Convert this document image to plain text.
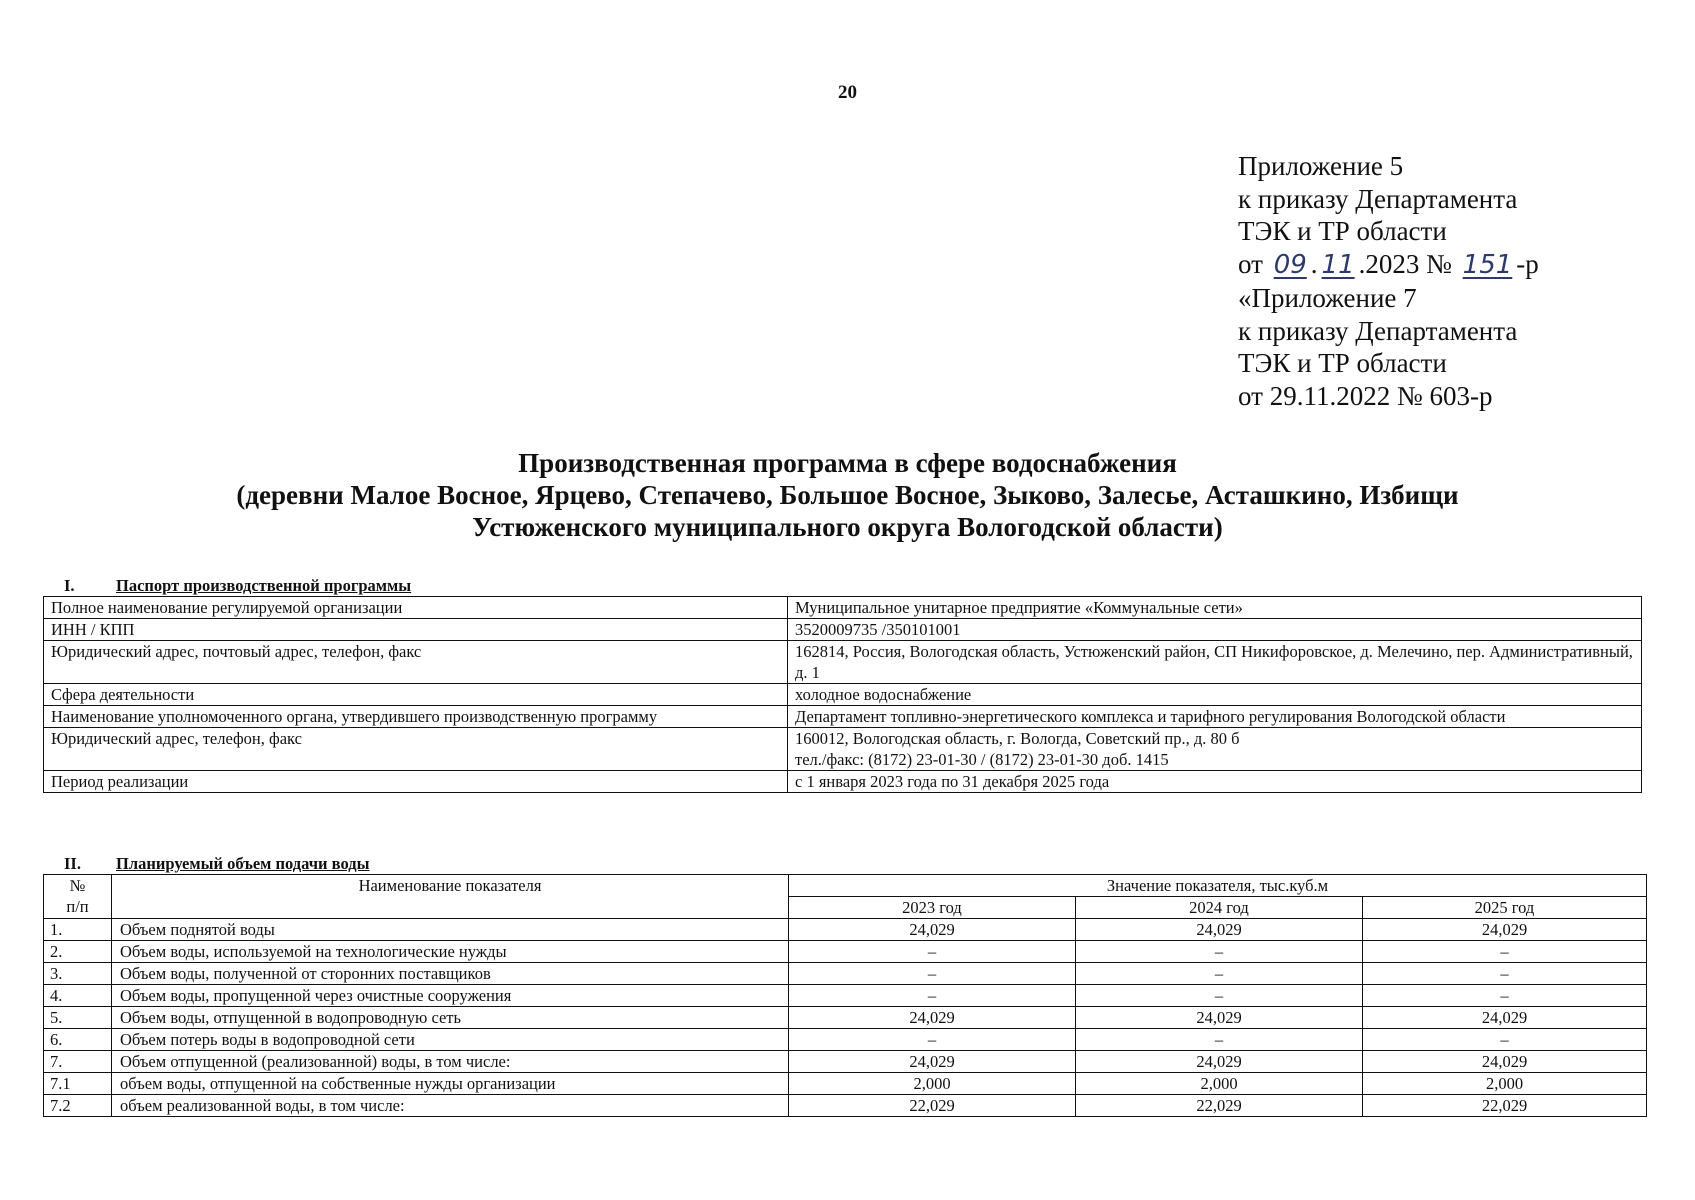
20
Приложение 5
к приказу Департамента
ТЭК и ТР области
от 09 . 11 .2023 № 151 -р
«Приложение 7
к приказу Департамента
ТЭК и ТР области
от 29.11.2022 № 603-р
Производственная программа в сфере водоснабжения
(деревни Малое Восное, Ярцево, Степачево, Большое Восное, Зыково, Залесье, Асташкино, Избищи
Устюженского муниципального округа Вологодской области)
I.	Паспорт производственной программы
Полное наименование регулируемой организации	Муниципальное унитарное предприятие «Коммунальные сети»
ИНН / КПП	3520009735 /350101001
Юридический адрес, почтовый адрес, телефон, факс	162814, Россия, Вологодская область, Устюженский район, СП Никифоровское, д. Мелечино, пер. Административный, д. 1
Сфера деятельности	холодное водоснабжение
Наименование уполномоченного органа, утвердившего производственную программу	Департамент топливно-энергетического комплекса и тарифного регулирования Вологодской области
Юридический адрес, телефон, факс	160012, Вологодская область, г. Вологда, Советский пр., д. 80 б
тел./факс: (8172) 23-01-30 / (8172) 23-01-30 доб. 1415

Период реализации	с 1 января 2023 года по 31 декабря 2025 года
II. Планируемый объем подачи воды
№
п/п	Наименование показателя	Значение показателя, тыс.куб.м		
		2023 год	2024 год	2025 год
1.	Объем поднятой воды	24,029	24,029	24,029
2.	Объем воды, используемой на технологические нужды	–	–	–
3.	Объем воды, полученной от сторонних поставщиков	–	–	–
4.	Объем воды, пропущенной через очистные сооружения	–	–	–
5.	Объем воды, отпущенной в водопроводную сеть	24,029	24,029	24,029
6.	Объем потерь воды в водопроводной сети	–	–	–
7.	Объем отпущенной (реализованной) воды, в том числе:	24,029	24,029	24,029
7.1	объем воды, отпущенной на собственные нужды организации	2,000	2,000	2,000
7.2	объем реализованной воды, в том числе:	22,029	22,029	22,029
